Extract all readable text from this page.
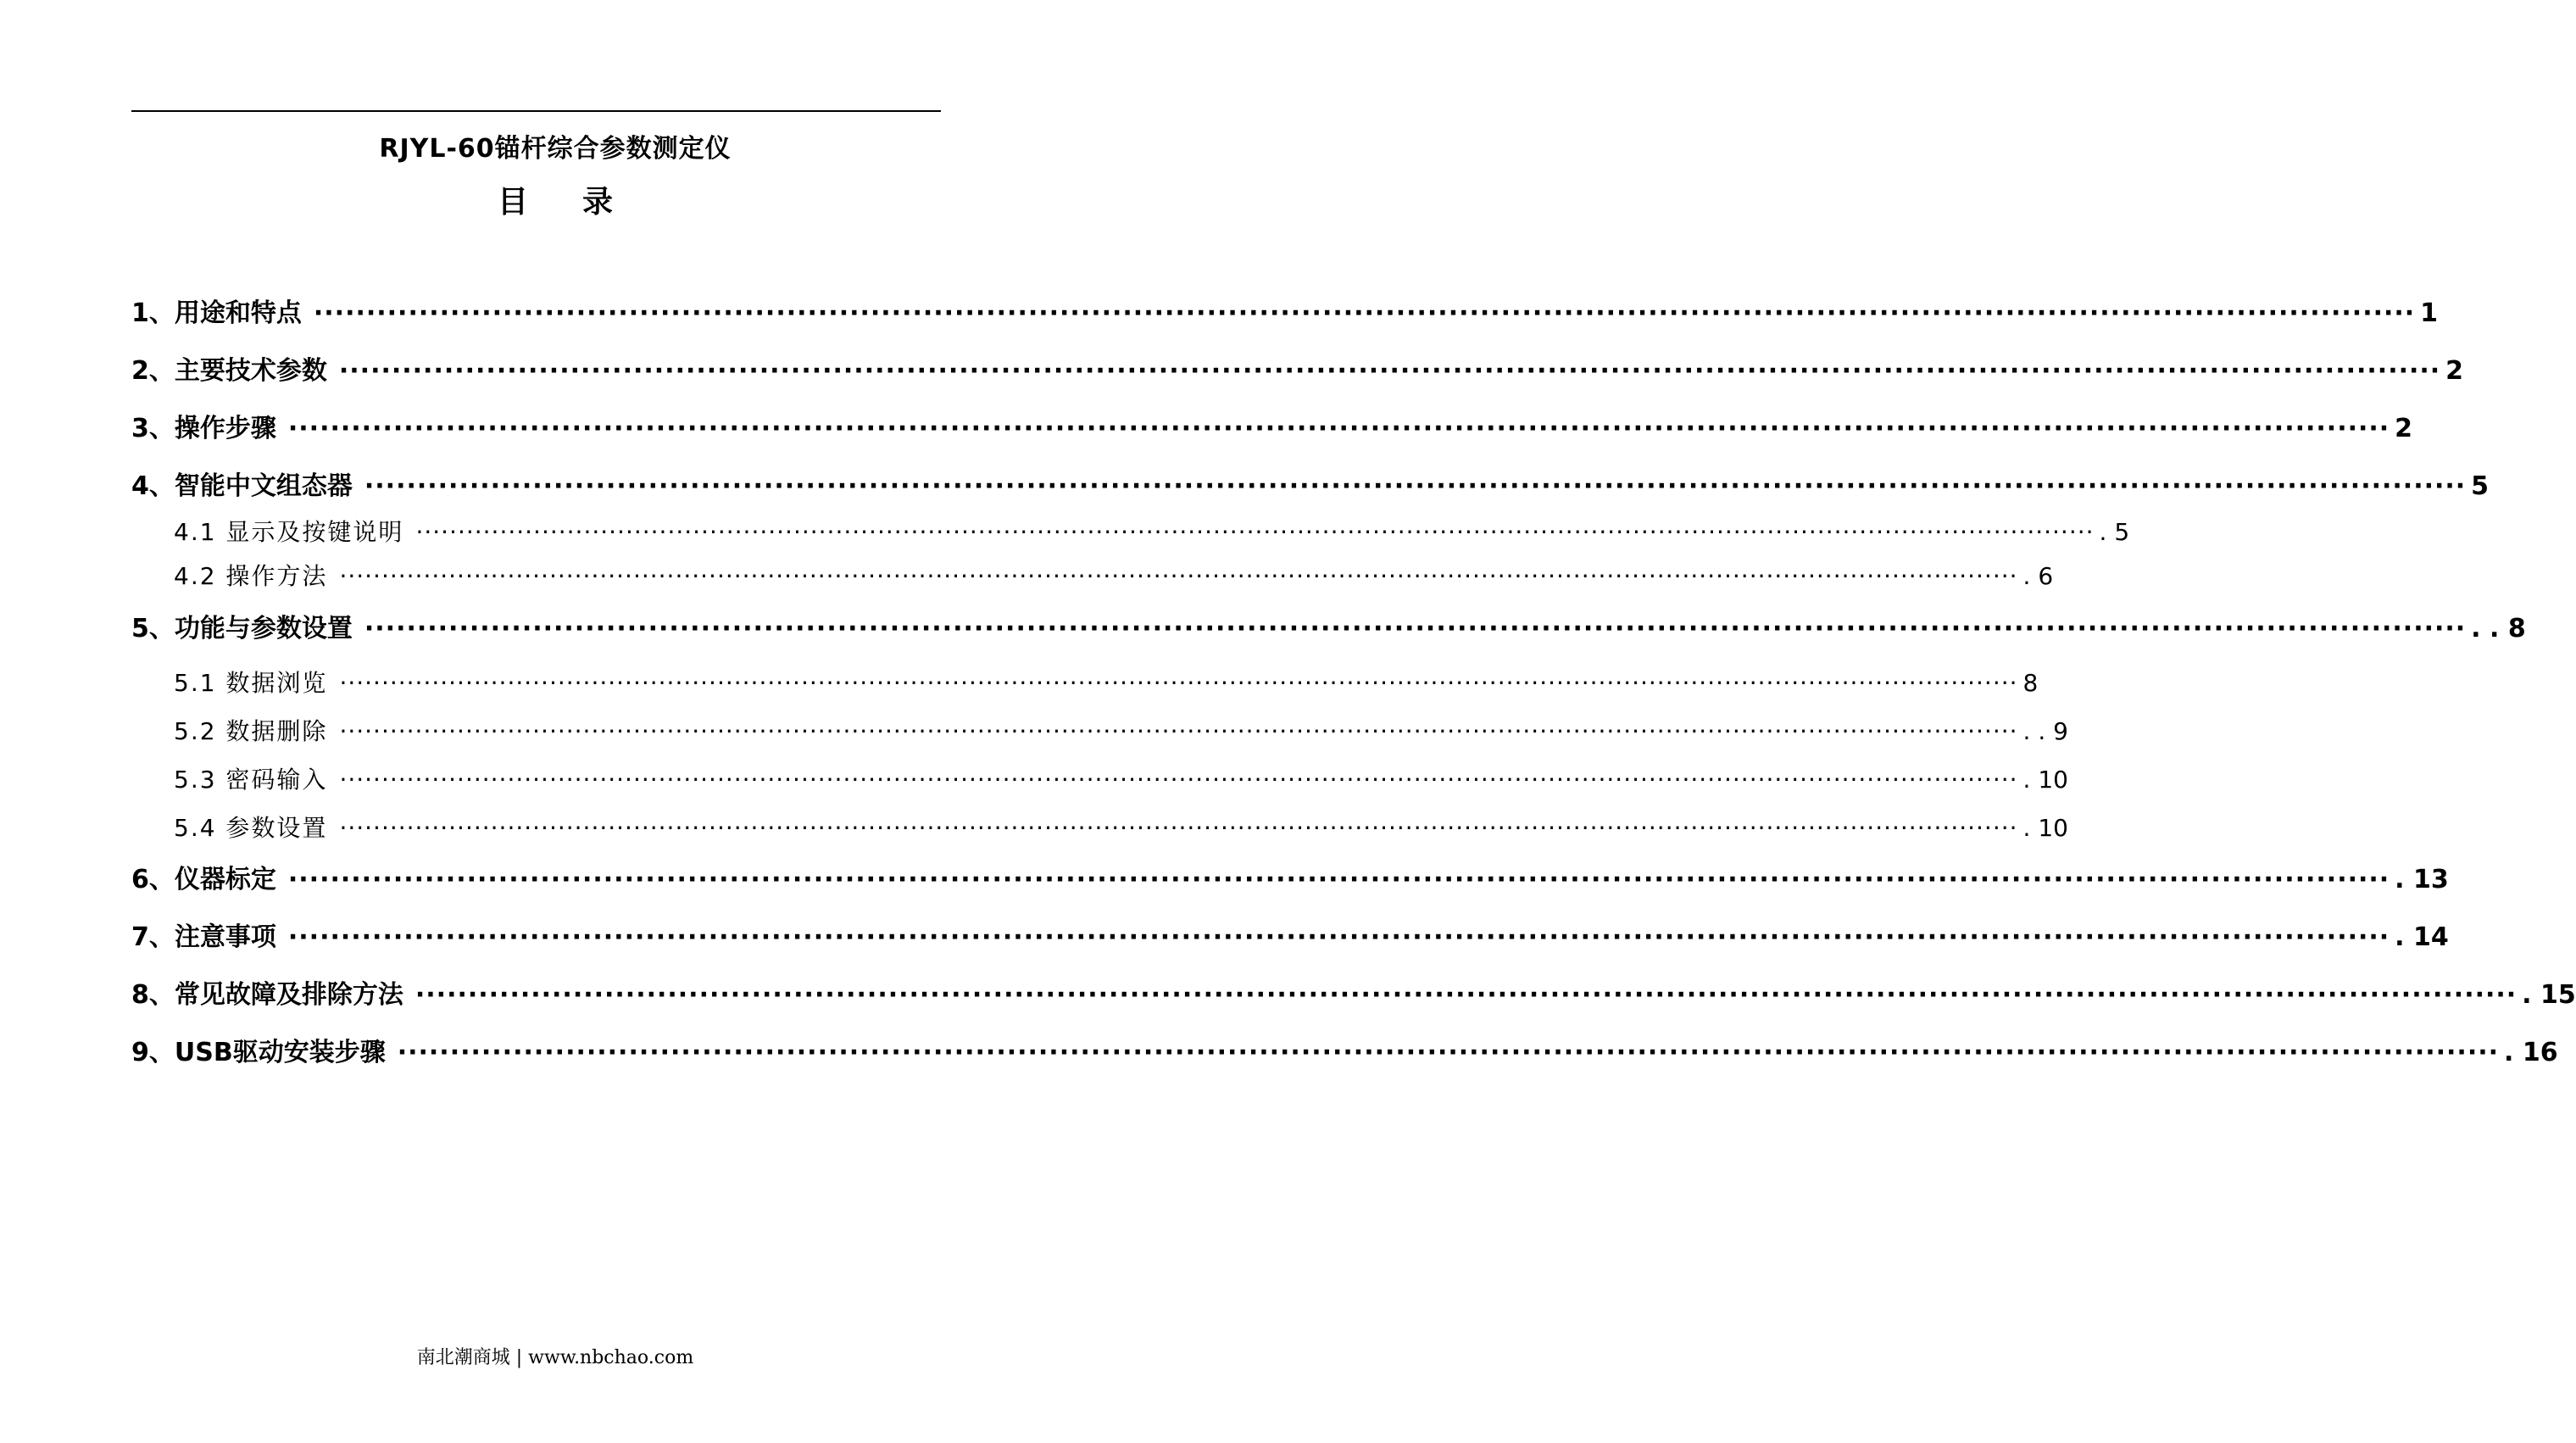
RJYL-60锚杆综合参数测定仪
目录
1、用途和特点 ········································································································································································································ 1
2、主要技术参数 ········································································································································································································ 2
3、操作步骤 ········································································································································································································ 2
4、智能中文组态器 ········································································································································································································ 5
4.1 显示及按键说明 ········································································································································································································ . 5
4.2 操作方法 ········································································································································································································ . 6
5、功能与参数设置 ········································································································································································································ . . 8
5.1 数据浏览 ········································································································································································································ 8
5.2 数据删除 ········································································································································································································ . . 9
5.3 密码输入 ········································································································································································································ . 10
5.4 参数设置 ········································································································································································································ . 10
6、仪器标定 ········································································································································································································ . 13
7、注意事项 ········································································································································································································ . 14
8、常见故障及排除方法 ········································································································································································································ . 15
9、USB驱动安装步骤 ········································································································································································································ . 16
南北潮商城 | www.nbchao.com
